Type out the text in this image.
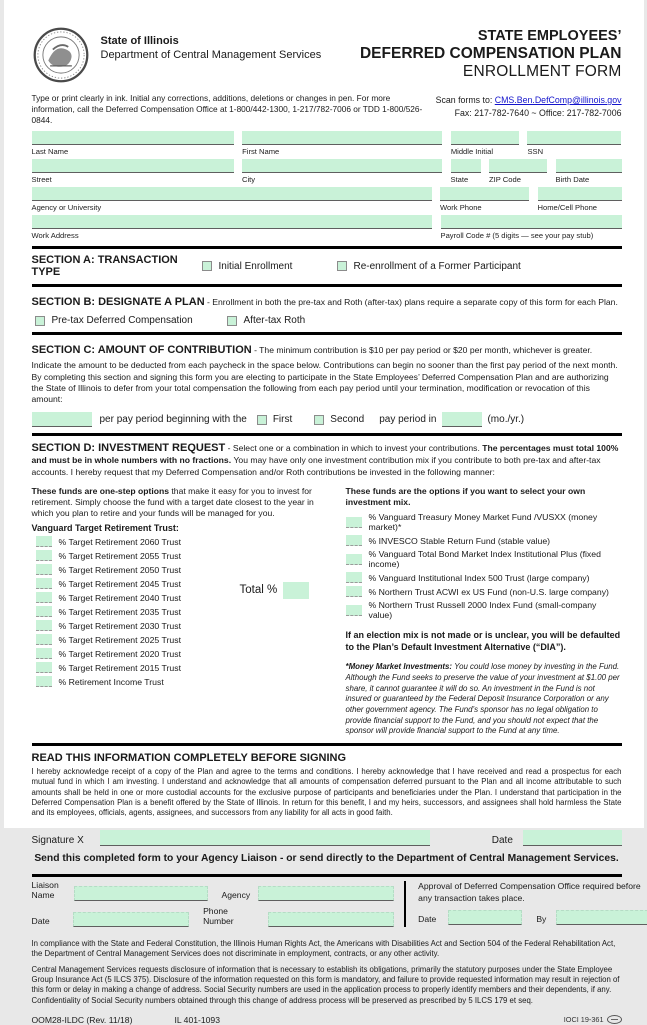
State of Illinois
Department of Central Management Services
STATE EMPLOYEES’
DEFERRED COMPENSATION PLAN
ENROLLMENT FORM
Type or print clearly in ink. Initial any corrections, additions, deletions or changes in pen. For more information, call the Deferred Compensation Office at 1-800/442-1300, 1-217/782-7006 or TDD 1-800/526-0844.
Scan forms to: CMS.Ben.DefComp@illinois.gov
Fax: 217-782-7640 ~ Office: 217-782-7006
Last Name	First Name	Middle Initial	SSN
Street	City	State	ZIP Code	Birth Date
Agency or University	Work Phone	Home/Cell Phone
Work Address	Payroll Code # (5 digits — see your pay stub)
SECTION A: TRANSACTION TYPE	Initial Enrollment	Re-enrollment of a Former Participant
SECTION B: DESIGNATE A PLAN - Enrollment in both the pre-tax and Roth (after-tax) plans require a separate copy of this form for each Plan.
Pre-tax Deferred Compensation	After-tax Roth
SECTION C: AMOUNT OF CONTRIBUTION - The minimum contribution is $10 per pay period or $20 per month, whichever is greater.
Indicate the amount to be deducted from each paycheck in the space below. Contributions can begin no sooner than the first pay period of the next month. By completing this section and signing this form you are electing to participate in the State Employees’ Deferred Compensation Plan and are authorizing the State of Illinois to defer from your total compensation the following from each pay period until your termination, modification or revocation of this amount:
per pay period beginning with the	First	Second pay period in	(mo./yr.)
SECTION D: INVESTMENT REQUEST - Select one or a combination in which to invest your contributions. The percentages must total 100% and must be in whole numbers with no fractions. You may have only one investment contribution mix if you contribute to both pre-tax and after-tax accounts. I hereby request that my Deferred Compensation and/or Roth contributions be invested in the following manner:
These funds are one-step options that make it easy for you to invest for retirement. Simply choose the fund with a target date closest to the year in which you plan to retire and your funds will be managed for you.
Vanguard Target Retirement Trust:
% Target Retirement 2060 Trust
% Target Retirement 2055 Trust
% Target Retirement 2050 Trust
% Target Retirement 2045 Trust
% Target Retirement 2040 Trust
% Target Retirement 2035 Trust
% Target Retirement 2030 Trust
% Target Retirement 2025 Trust
% Target Retirement 2020 Trust
% Target Retirement 2015 Trust
% Retirement Income Trust
Total %
These funds are the options if you want to select your own investment mix.
% Vanguard Treasury Money Market Fund /VUSXX (money market)*
% INVESCO Stable Return Fund (stable value)
% Vanguard Total Bond Market Index Institutional Plus (fixed income)
% Vanguard Institutional Index 500 Trust (large company)
% Northern Trust ACWI ex US Fund (non-U.S. large company)
% Northern Trust Russell 2000 Index Fund (small-company value)
If an election mix is not made or is unclear, you will be defaulted to the Plan’s Default Investment Alternative (“DIA”).
*Money Market Investments: You could lose money by investing in the Fund. Although the Fund seeks to preserve the value of your investment at $1.00 per share, it cannot guarantee it will do so. An investment in the Fund is not insured or guaranteed by the Federal Deposit Insurance Corporation or any other government agency. The Fund’s sponsor has no legal obligation to provide financial support to the Fund, and you should not expect that the sponsor will provide financial support to the Fund at any time.
READ THIS INFORMATION COMPLETELY BEFORE SIGNING
I hereby acknowledge receipt of a copy of the Plan and agree to the terms and conditions. I hereby acknowledge that I have received and read a prospectus for each mutual fund in which I am investing. I understand and acknowledge that all amounts of compensation deferred pursuant to the Plan and all income attributable to such amounts shall be held in one or more custodial accounts for the exclusive purpose of participants and beneficiaries under the Plan. I understand that participation in the Deferred Compensation Plan is a benefit offered by the State of Illinois. In return for this benefit, I and my heirs, successors, and assignees shall hold harmless the State and its employees, officials, agents, assignees, and successors from any liability for all acts in good faith.
Signature X	Date
Send this completed form to your Agency Liaison - or send directly to the Department of Central Management Services.
Liaison Name	Agency
Date
Phone Number
Approval of Deferred Compensation Office required before any transaction takes place.
Date	By
In compliance with the State and Federal Constitution, the Illinois Human Rights Act, the Americans with Disabilities Act and Section 504 of the Federal Rehabilitation Act, the Department of Central Management Services does not discriminate in employment, contracts, or any other activity.
Central Management Services requests disclosure of information that is necessary to establish its obligations, primarily the statutory purposes under the State Employee Group Insurance Act (5 ILCS 375). Disclosure of the information requested on this form is mandatory, and failure to provide requested information may result in rejection of this form or delay in making a change of address. Social Security numbers are used in the application process to properly identify members and their dependents, if any. Confidentiality of Social Security numbers obtained through this change of address process will be preserved as prescribed by 5 ILCS 179 et seq.
OOM28-ILDC (Rev. 11/18)	IL 401-1093	IOCI 19-361
